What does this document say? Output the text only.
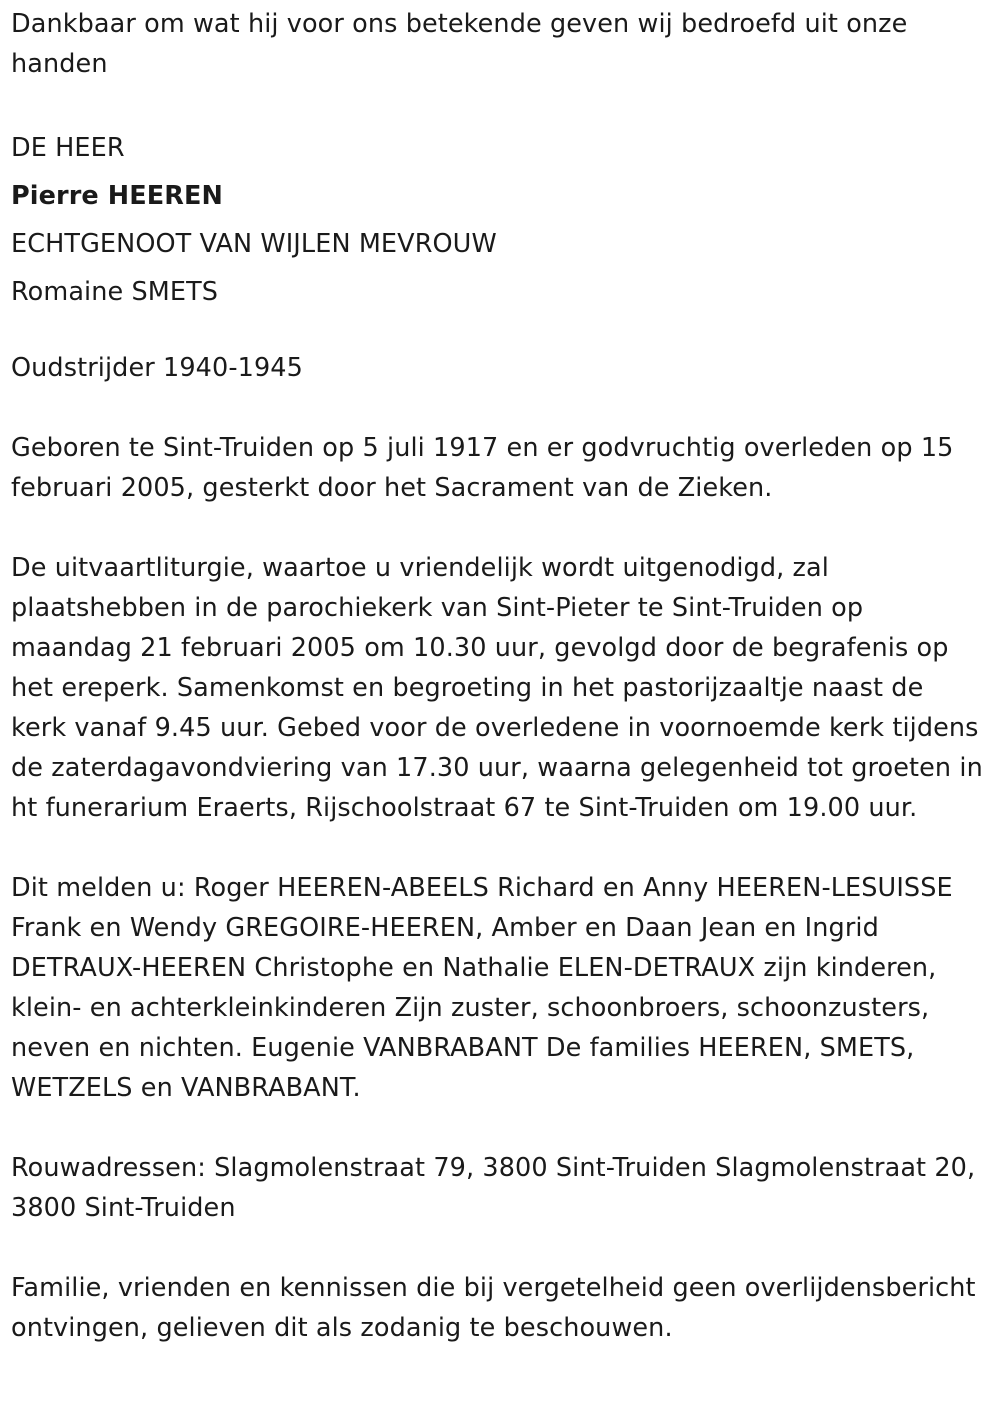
Dankbaar om wat hij voor ons betekende geven wij bedroefd uit onze handen

DE HEER
Pierre HEEREN
ECHTGENOOT VAN WIJLEN MEVROUW
Romaine SMETS

Oudstrijder 1940-1945

Geboren te Sint-Truiden op 5 juli 1917 en er godvruchtig overleden op 15 februari 2005, gesterkt door het Sacrament van de Zieken.

De uitvaartliturgie, waartoe u vriendelijk wordt uitgenodigd, zal plaatshebben in de parochiekerk van Sint-Pieter te Sint-Truiden op maandag 21 februari 2005 om 10.30 uur, gevolgd door de begrafenis op het ereperk. Samenkomst en begroeting in het pastorijzaaltje naast de kerk vanaf 9.45 uur. Gebed voor de overledene in voornoemde kerk tijdens de zaterdagavondviering van 17.30 uur, waarna gelegenheid tot groeten in ht funerarium Eraerts, Rijschoolstraat 67 te Sint-Truiden om 19.00 uur.

Dit melden u: Roger HEEREN-ABEELS Richard en Anny HEEREN-LESUISSE Frank en Wendy GREGOIRE-HEEREN, Amber en Daan Jean en Ingrid DETRAUX-HEEREN Christophe en Nathalie ELEN-DETRAUX zijn kinderen, klein- en achterkleinkinderen Zijn zuster, schoonbroers, schoonzusters, neven en nichten. Eugenie VANBRABANT De families HEEREN, SMETS, WETZELS en VANBRABANT.

Rouwadressen: Slagmolenstraat 79, 3800 Sint-Truiden Slagmolenstraat 20, 3800 Sint-Truiden

Familie, vrienden en kennissen die bij vergetelheid geen overlijdensbericht ontvingen, gelieven dit als zodanig te beschouwen.
